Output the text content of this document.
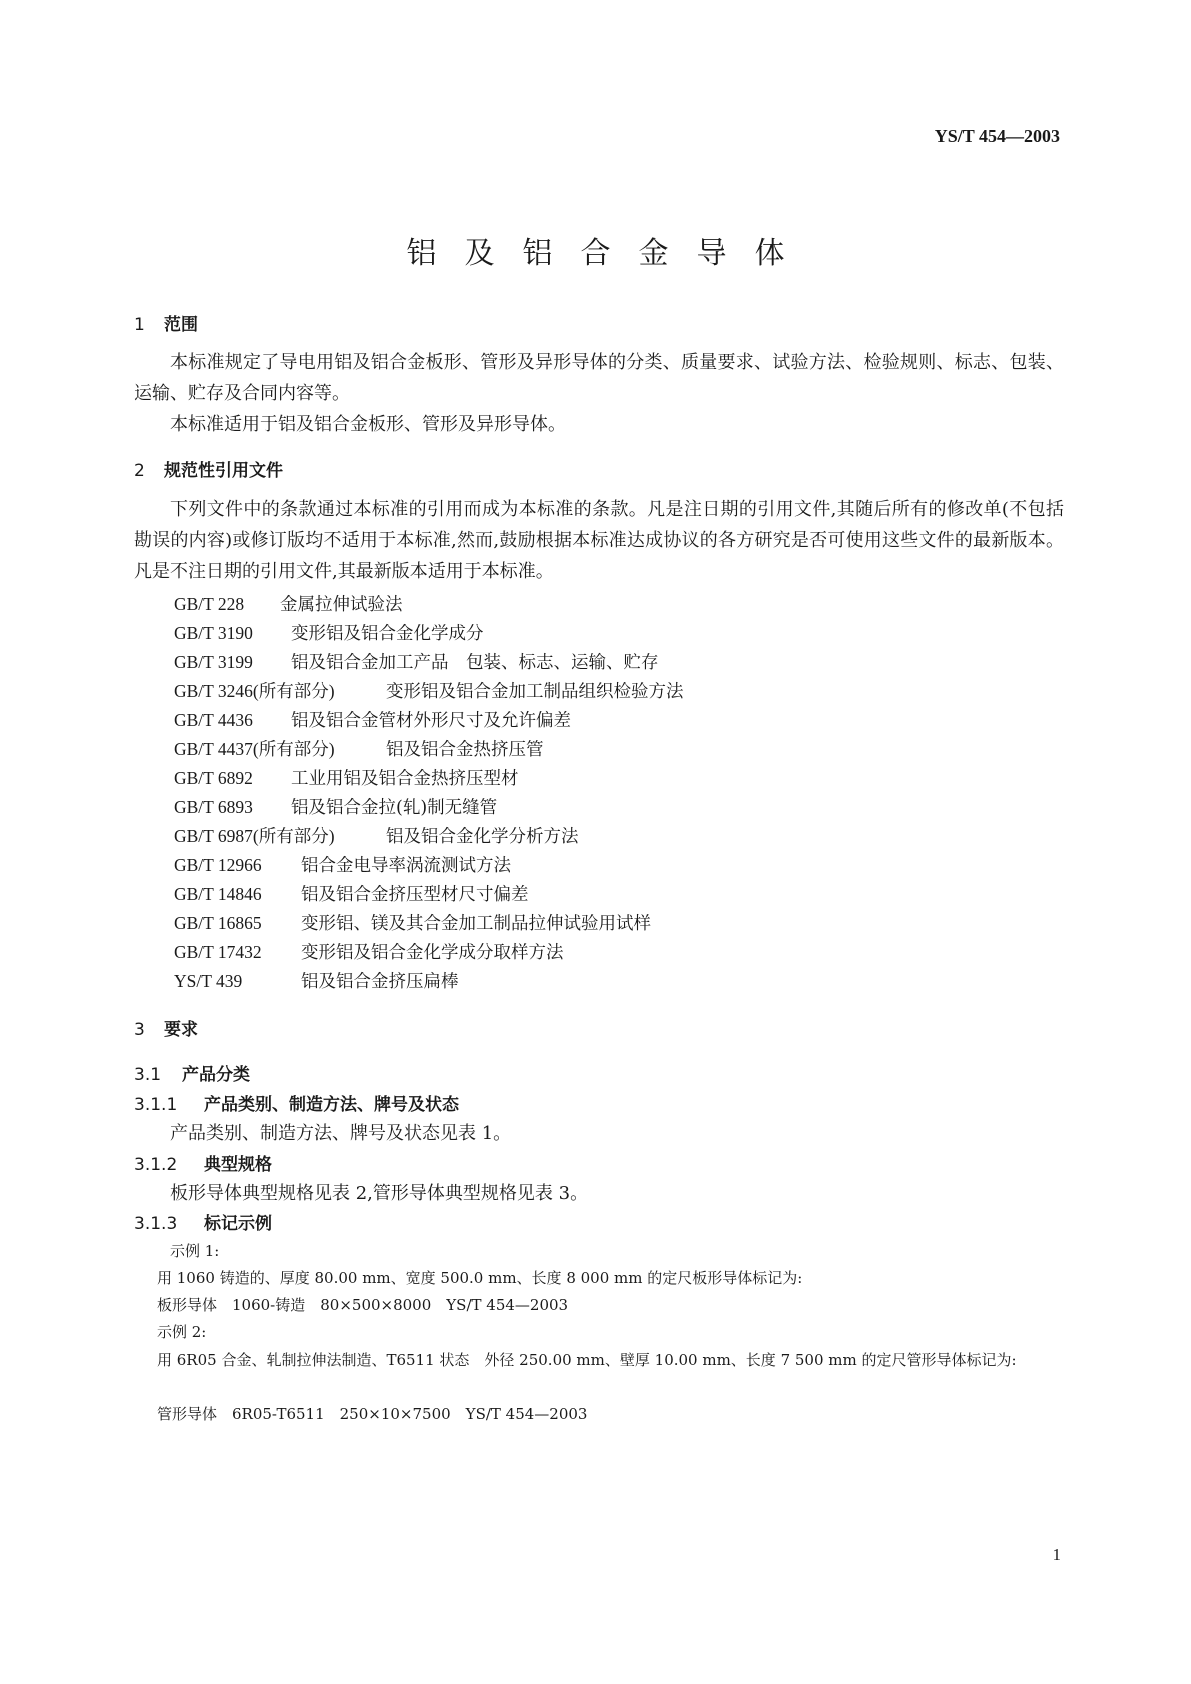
YS/T 454—2003
铝及铝合金导体
1 范围
本标准规定了导电用铝及铝合金板形、管形及异形导体的分类、质量要求、试验方法、检验规则、标志、包装、运输、贮存及合同内容等。
本标准适用于铝及铝合金板形、管形及异形导体。
2 规范性引用文件
下列文件中的条款通过本标准的引用而成为本标准的条款。凡是注日期的引用文件,其随后所有的修改单(不包括勘误的内容)或修订版均不适用于本标准,然而,鼓励根据本标准达成协议的各方研究是否可使用这些文件的最新版本。凡是不注日期的引用文件,其最新版本适用于本标准。
GB/T 228 金属拉伸试验法
GB/T 3190 变形铝及铝合金化学成分
GB/T 3199 铝及铝合金加工产品　包装、标志、运输、贮存
GB/T 3246(所有部分)	变形铝及铝合金加工制品组织检验方法
GB/T 4436 铝及铝合金管材外形尺寸及允许偏差
GB/T 4437(所有部分)	铝及铝合金热挤压管
GB/T 6892 工业用铝及铝合金热挤压型材
GB/T 6893 铝及铝合金拉(轧)制无缝管
GB/T 6987(所有部分)	铝及铝合金化学分析方法
GB/T 12966 铝合金电导率涡流测试方法
GB/T 14846 铝及铝合金挤压型材尺寸偏差
GB/T 16865 变形铝、镁及其合金加工制品拉伸试验用试样
GB/T 17432 变形铝及铝合金化学成分取样方法
YS/T 439	铝及铝合金挤压扁棒
3 要求
3.1 产品分类
3.1.1 产品类别、制造方法、牌号及状态
产品类别、制造方法、牌号及状态见表 1。
3.1.2 典型规格
板形导体典型规格见表 2,管形导体典型规格见表 3。
3.1.3 标记示例
示例 1:
用 1060 铸造的、厚度 80.00 mm、宽度 500.0 mm、长度 8 000 mm 的定尺板形导体标记为:
板形导体　1060-铸造　80×500×8000　YS/T 454—2003
示例 2:
用 6R05 合金、轧制拉伸法制造、T6511 状态　外径 250.00 mm、壁厚 10.00 mm、长度 7 500 mm 的定尺管形导体标记为:
管形导体　6R05-T6511　250×10×7500　YS/T 454—2003
1
